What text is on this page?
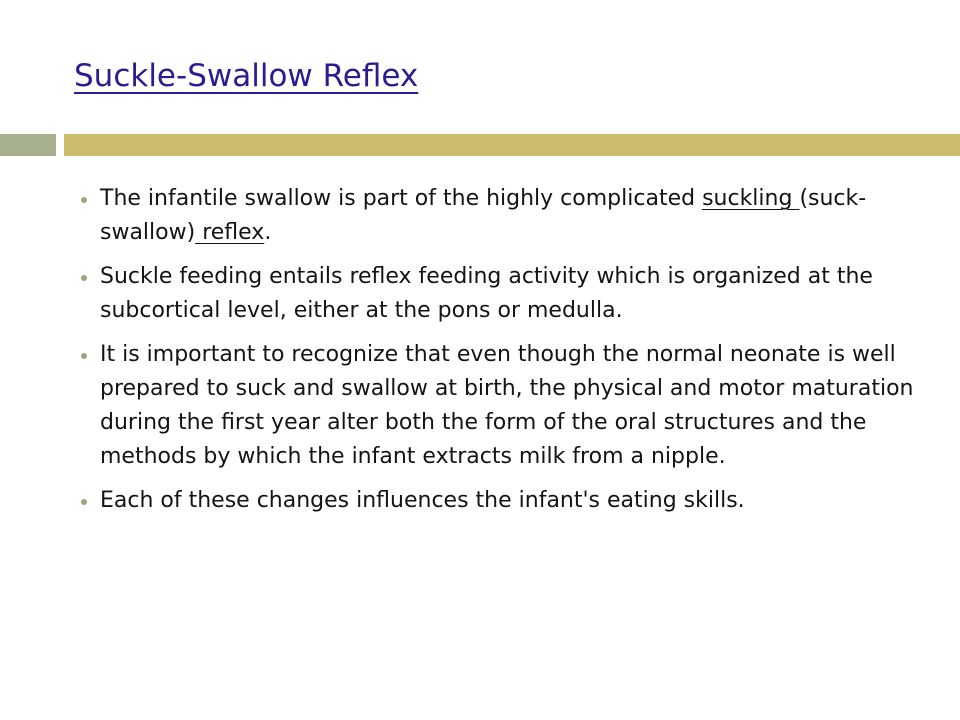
Suckle-Swallow Reflex
The infantile swallow is part of the highly complicated suckling (suck-swallow) reflex.
Suckle feeding entails reflex feeding activity which is organized at the subcortical level, either at the pons or medulla.
It is important to recognize that even though the normal neonate is well prepared to suck and swallow at birth, the physical and motor maturation during the first year alter both the form of the oral structures and the methods by which the infant extracts milk from a nipple.
Each of these changes influences the infant's eating skills.
